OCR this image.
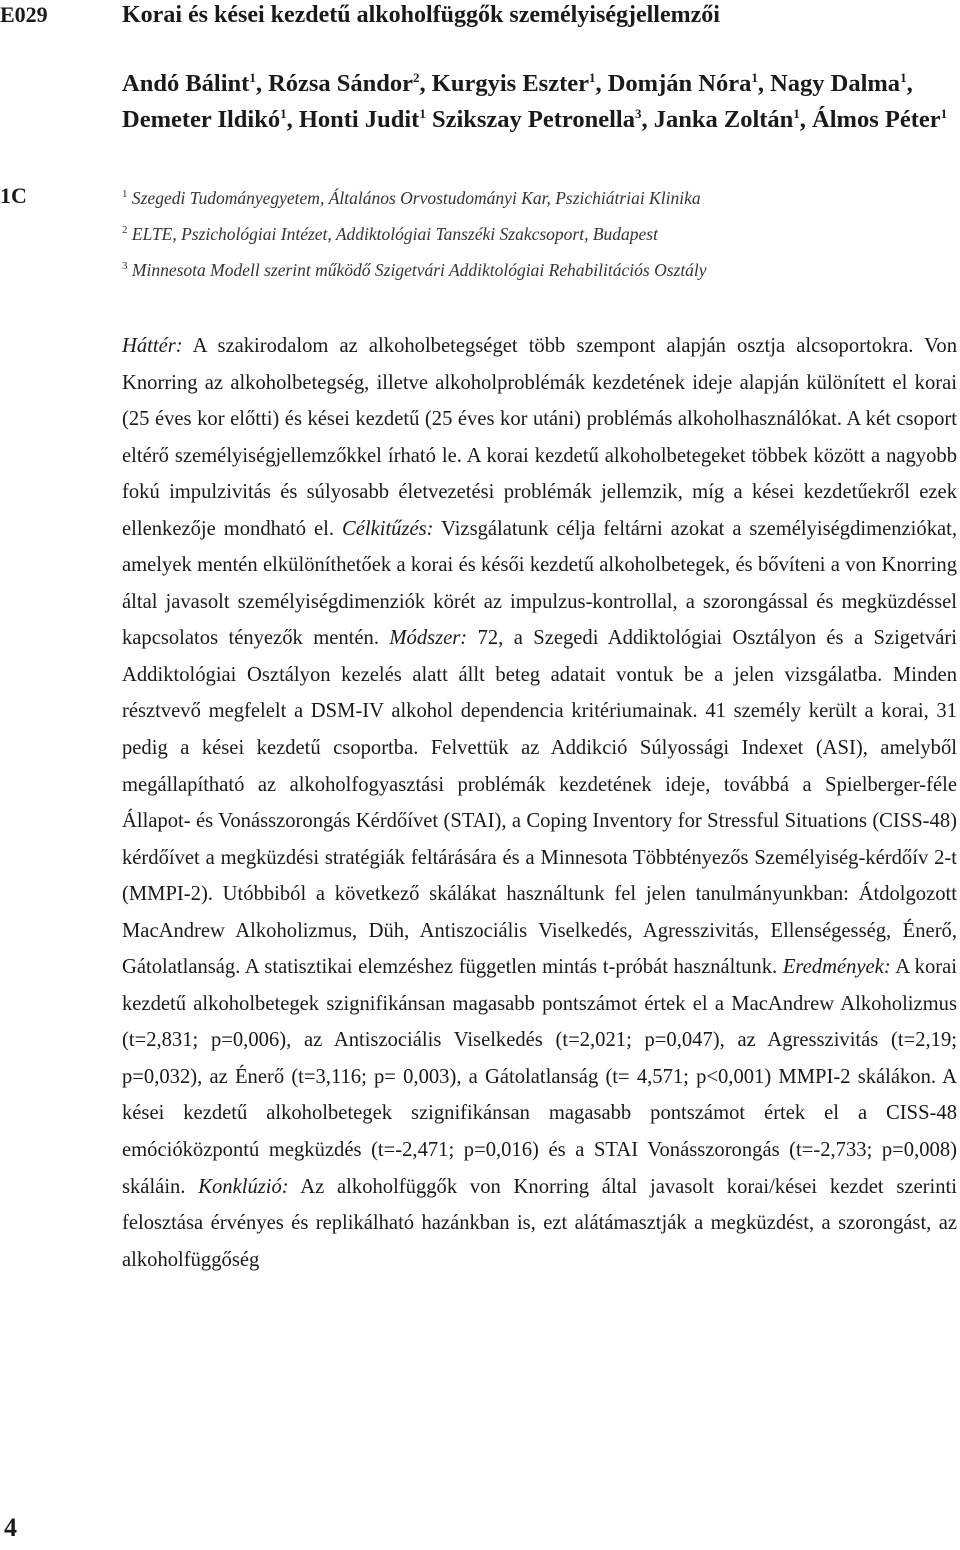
E029	Korai és kései kezdetű alkoholfüggők személyiségjellemzői
1C
4
Andó Bálint$^1$, Rózsa Sándor$^2$, Kurgyis Eszter$^1$, Domján Nóra$^1$, Nagy Dalma$^1$, Demeter Ildikó$^1$, Honti Judit$^1$ Szikszay Petronella$^3$, Janka Zoltán$^1$, Álmos Péter$^1$
$^1$ Szegedi Tudományegyetem, Általános Orvostudományi Kar, Pszichiátriai Klinika
$^2$ ELTE, Pszichológiai Intézet, Addiktológiai Tanszéki Szakcsoport, Budapest
$^3$ Minnesota Modell szerint működő Szigetvári Addiktológiai Rehabilitációs Osztály
Háttér: A szakirodalom az alkoholbetegséget több szempont alapján osztja alcsoportokra. Von Knorring az alkoholbetegség, illetve alkoholproblémák kezdetének ideje alapján különített el korai (25 éves kor előtti) és kései kezdetű (25 éves kor utáni) problémás alkoholhasználókat. A két csoport eltérő személyiségjellemzőkkel írható le. A korai kezdetű alkoholbetegeket többek között a nagyobb fokú impulzivitás és súlyosabb életvezetési problémák jellemzik, míg a kései kezdetűekről ezek ellenkezője mondható el. Célkitűzés: Vizsgálatunk célja feltárni azokat a személyiségdimenziókat, amelyek mentén elkülöníthetőek a korai és késői kezdetű alkoholbetegek, és bővíteni a von Knorring által javasolt személyiségdimenziók körét az impulzus-kontrollal, a szorongással és megküzdéssel kapcsolatos tényezők mentén. Módszer: 72, a Szegedi Addiktológiai Osztályon és a Szigetvári Addiktológiai Osztályon kezelés alatt állt beteg adatait vontuk be a jelen vizsgálatba. Minden résztvevő megfelelt a DSM-IV alkohol dependencia kritériumainak. 41 személy került a korai, 31 pedig a kései kezdetű csoportba. Felvettük az Addikció Súlyossági Indexet (ASI), amelyből megállapítható az alkoholfogyasztási problémák kezdetének ideje, továbbá a Spielberger-féle Állapot- és Vonásszorongás Kérdőívet (STAI), a Coping Inventory for Stressful Situations (CISS-48) kérdőívet a megküzdési stratégiák feltárására és a Minnesota Többtényezős Személyiség-kérdőív 2-t (MMPI-2). Utóbbiból a következő skálákat használtunk fel jelen tanulmányunkban: Átdolgozott MacAndrew Alkoholizmus, Düh, Antiszociális Viselkedés, Agresszivitás, Ellenségesség, Énerő, Gátolatlanság. A statisztikai elemzéshez független mintás t-próbát használtunk. Eredmények: A korai kezdetű alkoholbetegek szignifikánsan magasabb pontszámot értek el a MacAndrew Alkoholizmus (t=2,831; p=0,006), az Antiszociális Viselkedés (t=2,021; p=0,047), az Agresszivitás (t=2,19; p=0,032), az Énerő (t=3,116; p= 0,003), a Gátolatlanság (t= 4,571; p<0,001) MMPI-2 skálákon. A kései kezdetű alkoholbetegek szignifikánsan magasabb pontszámot értek el a CISS-48 emócióközpontú megküzdés (t=-2,471; p=0,016) és a STAI Vonásszorongás (t=-2,733; p=0,008) skáláin. Konklúzió: Az alkoholfüggők von Knorring által javasolt korai/kései kezdet szerinti felosztása érvényes és replikálható hazánkban is, ezt alátámasztják a megküzdést, a szorongást, az alkoholfüggőség
